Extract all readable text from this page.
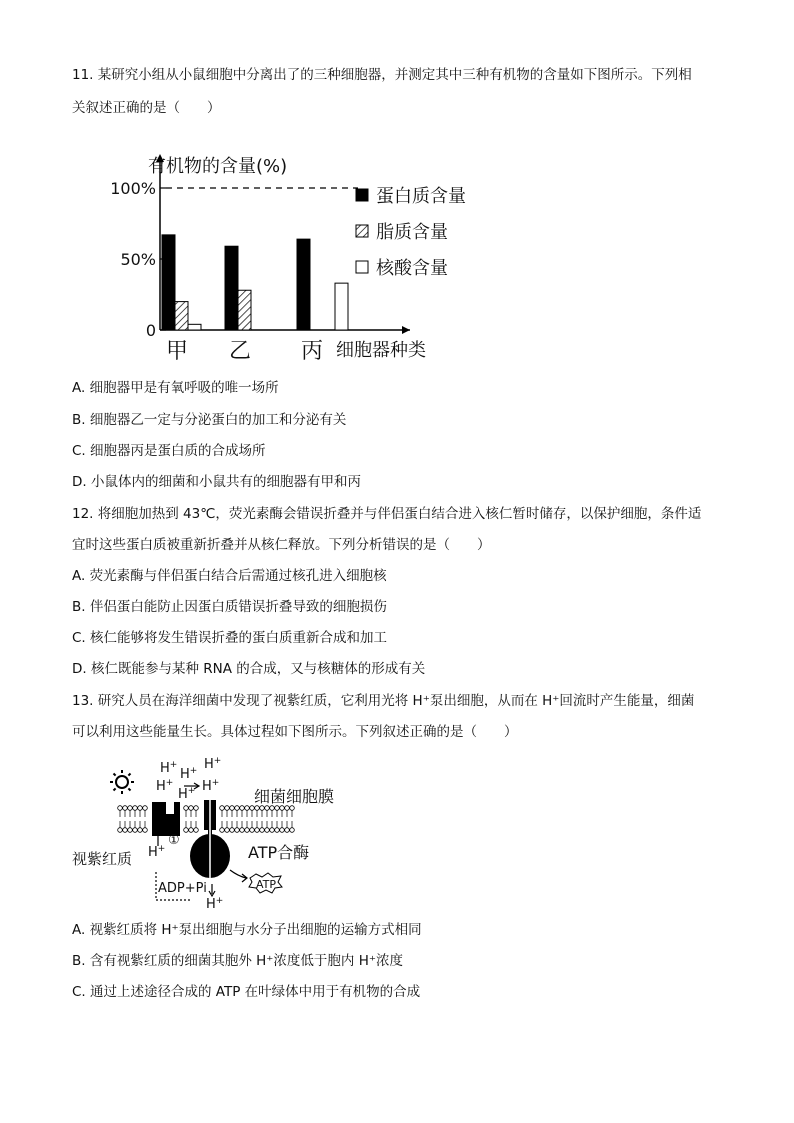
11. 某研究小组从小鼠细胞中分离出了的三种细胞器，并测定其中三种有机物的含量如下图所示。下列相
关叙述正确的是（　　）
有机物的含量(%)
100%
50%
0
甲 乙 丙 细胞器种类
蛋白质含量
脂质含量
核酸含量
A. 细胞器甲是有氧呼吸的唯一场所
B. 细胞器乙一定与分泌蛋白的加工和分泌有关
C. 细胞器丙是蛋白质的合成场所
D. 小鼠体内的细菌和小鼠共有的细胞器有甲和丙
12. 将细胞加热到 43℃，荧光素酶会错误折叠并与伴侣蛋白结合进入核仁暂时储存，以保护细胞，条件适
宜时这些蛋白质被重新折叠并从核仁释放。下列分析错误的是（　　）
A. 荧光素酶与伴侣蛋白结合后需通过核孔进入细胞核
B. 伴侣蛋白能防止因蛋白质错误折叠导致的细胞损伤
C. 核仁能够将发生错误折叠的蛋白质重新合成和加工
D. 核仁既能参与某种 RNA 的合成，又与核糖体的形成有关
13. 研究人员在海洋细菌中发现了视紫红质，它利用光将 H⁺泵出细胞，从而在 H⁺回流时产生能量，细菌
可以利用这些能量生长。具体过程如下图所示。下列叙述正确的是（　　）
H+
H+ H+
H+
H+ H+
H+
H+
①
细菌细胞膜
视紫红质	ATP合酶
ADP+Pi	ATP
A. 视紫红质将 H⁺泵出细胞与水分子出细胞的运输方式相同
B. 含有视紫红质的细菌其胞外 H⁺浓度低于胞内 H⁺浓度
C. 通过上述途径合成的 ATP 在叶绿体中用于有机物的合成
